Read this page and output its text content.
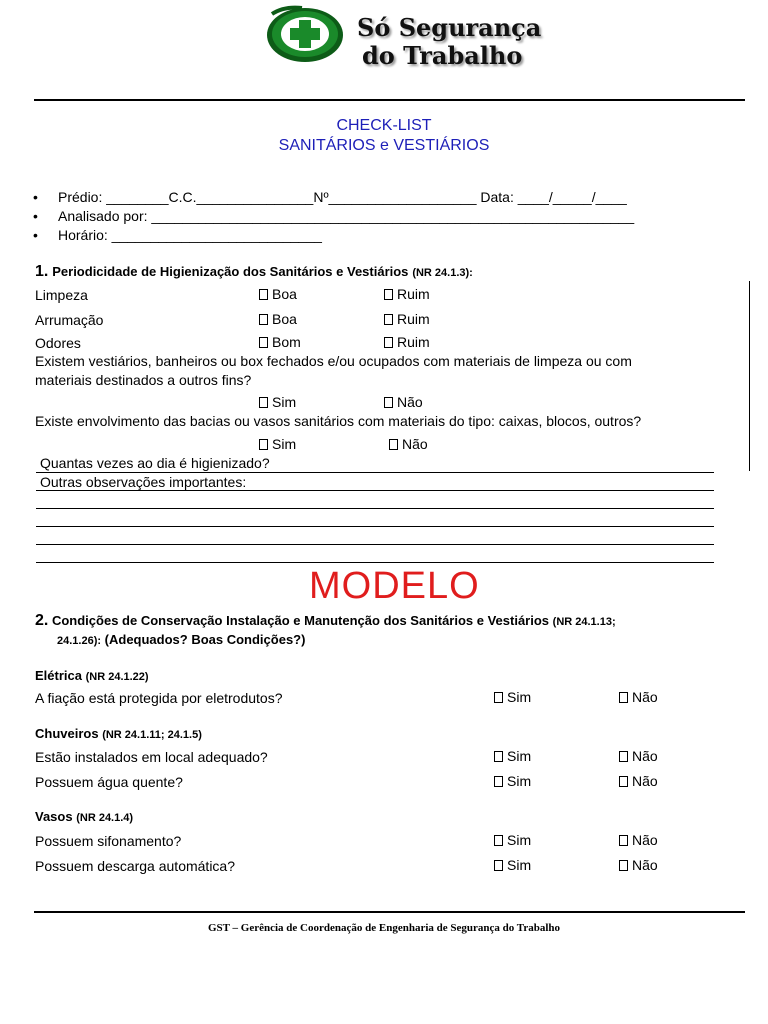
Só Segurança
do Trabalho
CHECK-LIST
SANITÁRIOS e VESTIÁRIOS
• Prédio: ________C.C._______________Nº___________________ Data: ____/_____/____
• Analisado por: ______________________________________________________________
• Horário: ___________________________
1. Periodicidade de Higienização dos Sanitários e Vestiários (NR 24.1.3):
Limpeza	Boa	Ruim
Arrumação	Boa	Ruim
Odores	Bom	Ruim
Existem vestiários, banheiros ou box fechados e/ou ocupados com materiais de limpeza ou com
materiais destinados a outros fins?
Sim	Não
Existe envolvimento das bacias ou vasos sanitários com materiais do tipo: caixas, blocos, outros?
Sim	Não
Quantas vezes ao dia é higienizado?
Outras observações importantes:
MODELO
2. Condições de Conservação Instalação e Manutenção dos Sanitários e Vestiários (NR 24.1.13;
24.1.26): (Adequados? Boas Condições?)
Elétrica (NR 24.1.22)
A fiação está protegida por eletrodutos?	Sim	Não
Chuveiros (NR 24.1.11; 24.1.5)
Estão instalados em local adequado?	Sim	Não
Possuem água quente?	Sim	Não
Vasos (NR 24.1.4)
Possuem sifonamento?	Sim	Não
Possuem descarga automática?	Sim	Não
GST – Gerência de Coordenação de Engenharia de Segurança do Trabalho
